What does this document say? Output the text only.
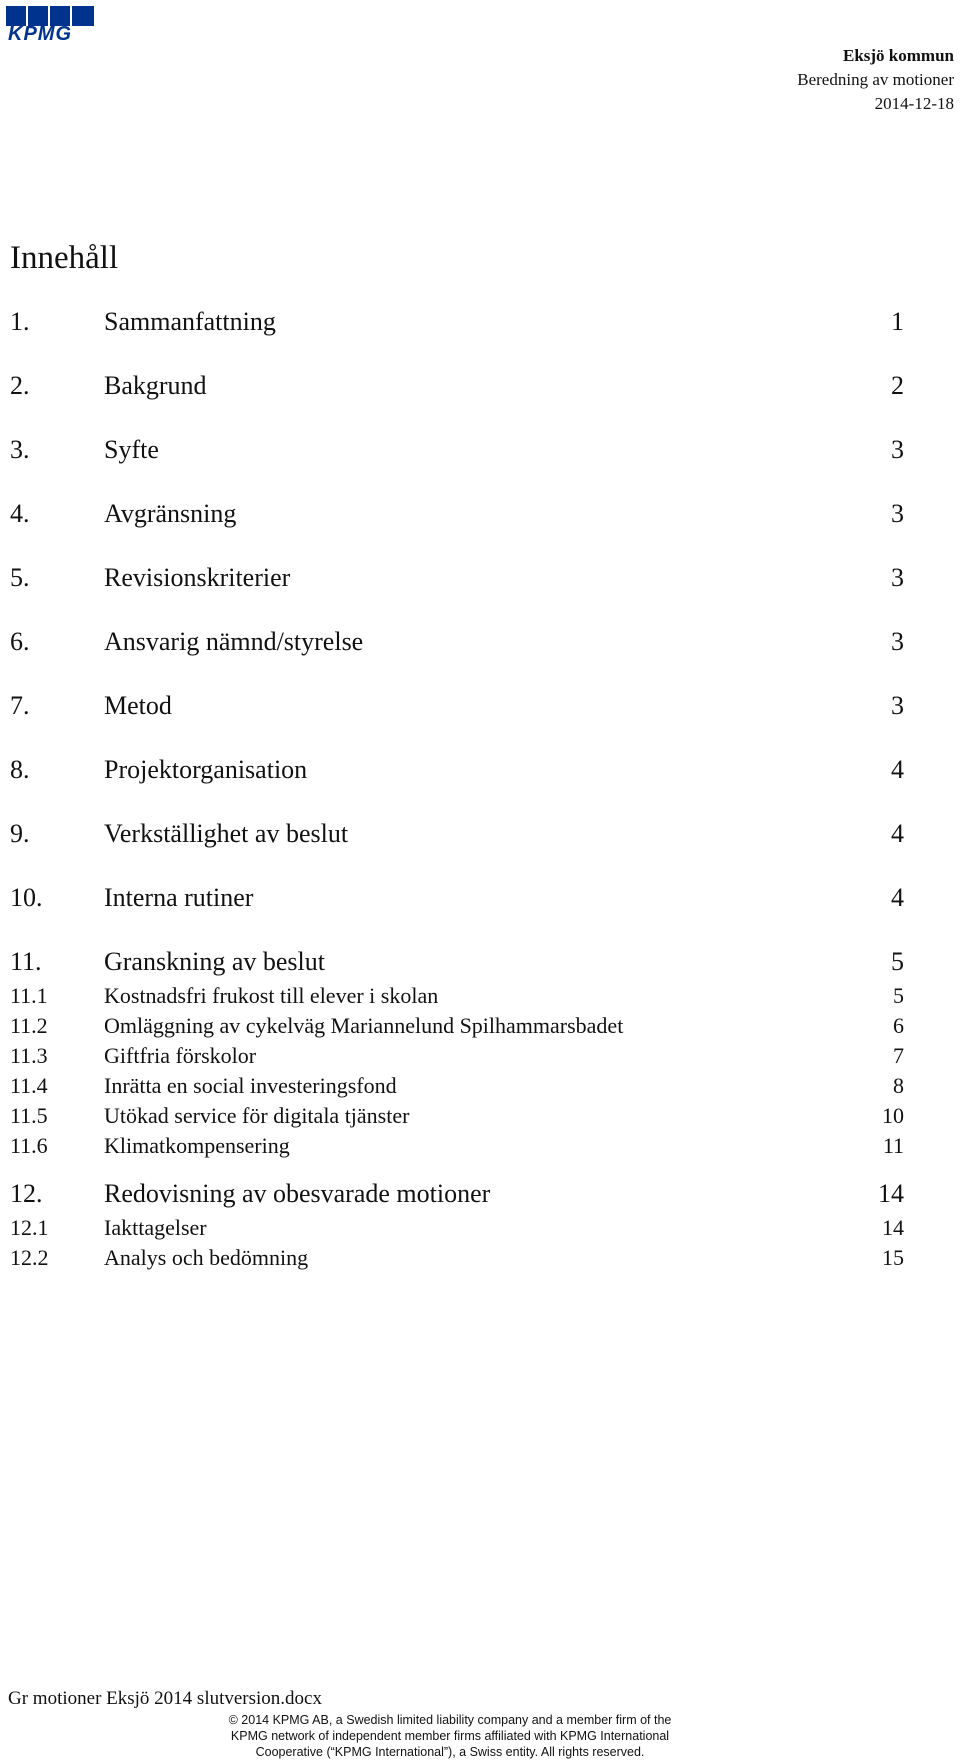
KPMG
Eksjö kommun
Beredning av motioner
2014-12-18
Innehåll
1.	Sammanfattning	1
2.	Bakgrund	2
3.	Syfte	3
4.	Avgränsning	3
5.	Revisionskriterier	3
6.	Ansvarig nämnd/styrelse	3
7.	Metod	3
8.	Projektorganisation	4
9.	Verkställighet av beslut	4
10. Interna rutiner	4
11. Granskning av beslut	5
11.1	Kostnadsfri frukost till elever i skolan	5
11.2	Omläggning av cykelväg Mariannelund Spilhammarsbadet	6
11.3	Giftfria förskolor	7
11.4	Inrätta en social investeringsfond	8
11.5	Utökad service för digitala tjänster	10
11.6	Klimatkompensering	11
12. Redovisning av obesvarade motioner	14
12.1	Iakttagelser	14
12.2	Analys och bedömning	15
Gr motioner Eksjö 2014 slutversion.docx
© 2014 KPMG AB, a Swedish limited liability company and a member firm of the
KPMG network of independent member firms affiliated with KPMG International
Cooperative (“KPMG International”), a Swiss entity. All rights reserved.
